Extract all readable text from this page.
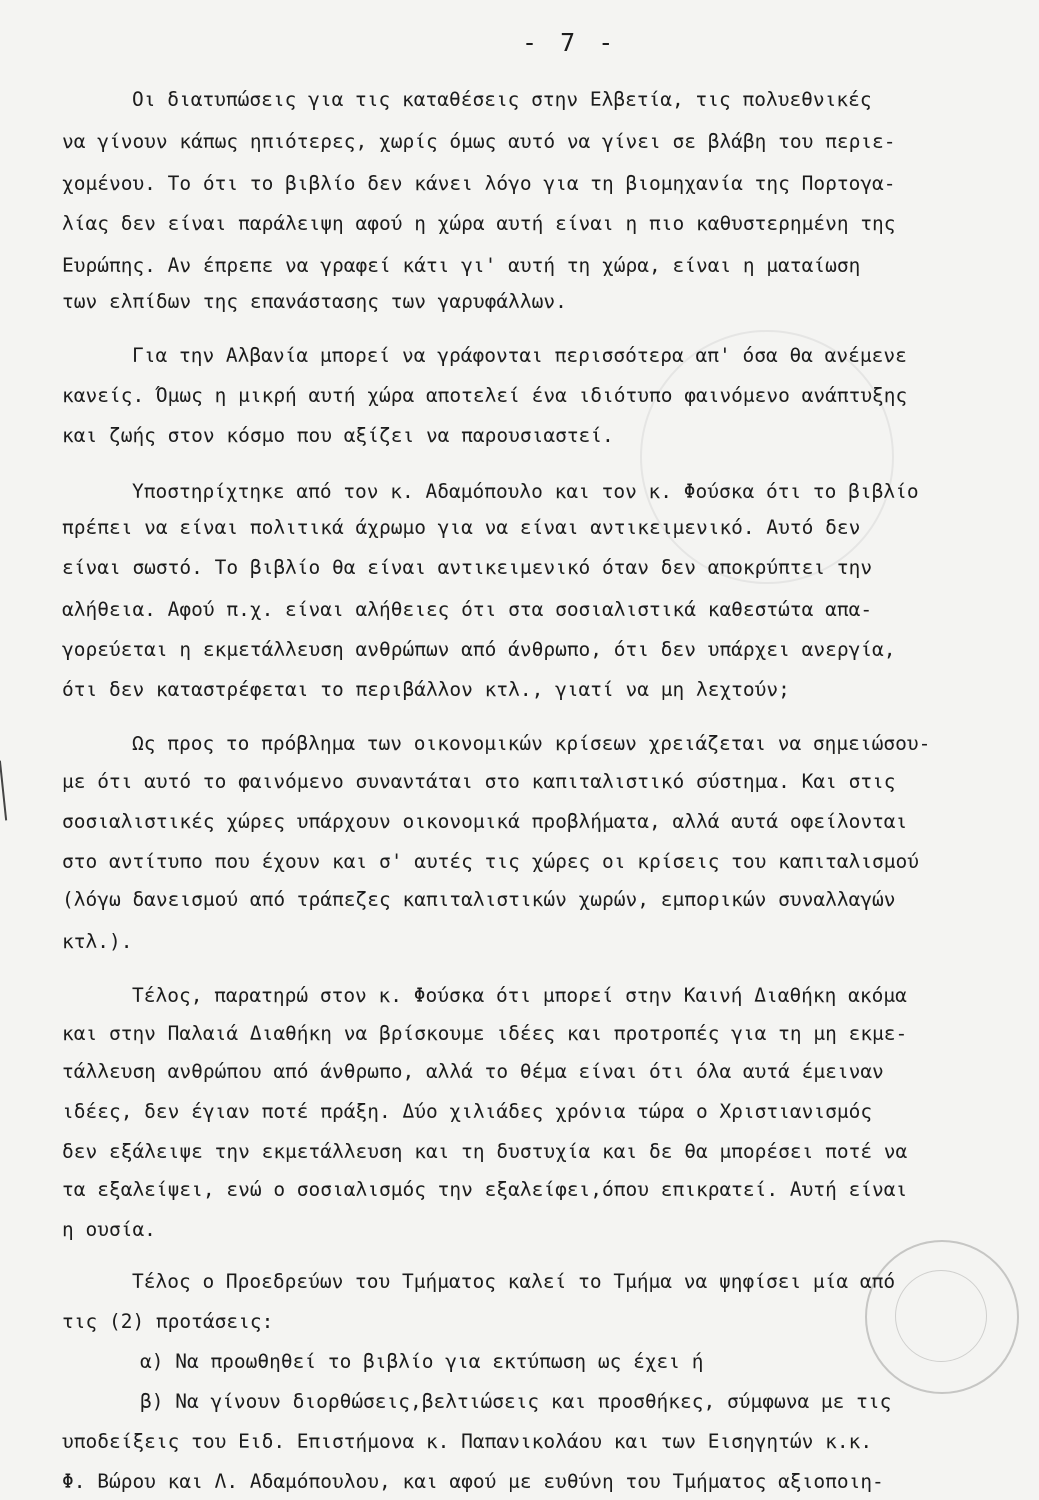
- 7 -

Οι διατυπώσεις για τις καταθέσεις στην Ελβετία, τις πολυεθνικές

να γίνουν κάπως ηπιότερες, χωρίς όμως αυτό να γίνει σε βλάβη του περιε-

χομένου. Το ότι το βιβλίο δεν κάνει λόγο για τη βιομηχανία της Πορτογα-

λίας δεν είναι παράλειψη αφού η χώρα αυτή είναι η πιο καθυστερημένη της

Ευρώπης. Αν έπρεπε να γραφεί κάτι γι' αυτή τη χώρα, είναι η ματαίωση

των ελπίδων της επανάστασης των γαρυφάλλων.

Για την Αλβανία μπορεί να γράφονται περισσότερα απ' όσα θα ανέμενε

κανείς. Όμως η μικρή αυτή χώρα αποτελεί ένα ιδιότυπο φαινόμενο ανάπτυξης

και ζωής στον κόσμο που αξίζει να παρουσιαστεί.

Υποστηρίχτηκε από τον κ. Αδαμόπουλο και τον κ. Φούσκα ότι το βιβλίο

πρέπει να είναι πολιτικά άχρωμο για να είναι αντικειμενικό. Αυτό δεν

είναι σωστό. Το βιβλίο θα είναι αντικειμενικό όταν δεν αποκρύπτει την

αλήθεια. Αφού π.χ. είναι αλήθειες ότι στα σοσιαλιστικά καθεστώτα απα-

γορεύεται η εκμετάλλευση ανθρώπων από άνθρωπο, ότι δεν υπάρχει ανεργία,

ότι δεν καταστρέφεται το περιβάλλον κτλ., γιατί να μη λεχτούν;

Ως προς το πρόβλημα των οικονομικών κρίσεων χρειάζεται να σημειώσου-

με ότι αυτό το φαινόμενο συναντάται στο καπιταλιστικό σύστημα. Και στις

σοσιαλιστικές χώρες υπάρχουν οικονομικά προβλήματα, αλλά αυτά οφείλονται

στο αντίτυπο που έχουν και σ' αυτές τις χώρες οι κρίσεις του καπιταλισμού

(λόγω δανεισμού από τράπεζες καπιταλιστικών χωρών, εμπορικών συναλλαγών

κτλ.).

Τέλος, παρατηρώ στον κ. Φούσκα ότι μπορεί στην Καινή Διαθήκη ακόμα

και στην Παλαιά Διαθήκη να βρίσκουμε ιδέες και προτροπές για τη μη εκμε-

τάλλευση ανθρώπου από άνθρωπο, αλλά το θέμα είναι ότι όλα αυτά έμειναν

ιδέες, δεν έγιαν ποτέ πράξη. Δύο χιλιάδες χρόνια τώρα ο Χριστιανισμός

δεν εξάλειψε την εκμετάλλευση και τη δυστυχία και δε θα μπορέσει ποτέ να

τα εξαλείψει, ενώ ο σοσιαλισμός την εξαλείφει,όπου επικρατεί. Αυτή είναι

η ουσία.

Τέλος ο Προεδρεύων του Τμήματος καλεί το Τμήμα να ψηφίσει μία από

τις (2) προτάσεις:

α) Να προωθηθεί το βιβλίο για εκτύπωση ως έχει ή

β) Να γίνουν διορθώσεις,βελτιώσεις και προσθήκες, σύμφωνα με τις

υποδείξεις του Ειδ. Επιστήμονα κ. Παπανικολάου και των Εισηγητών κ.κ.

Φ. Βώρου και Λ. Αδαμόπουλου, και αφού με ευθύνη του Τμήματος αξιοποιη-
